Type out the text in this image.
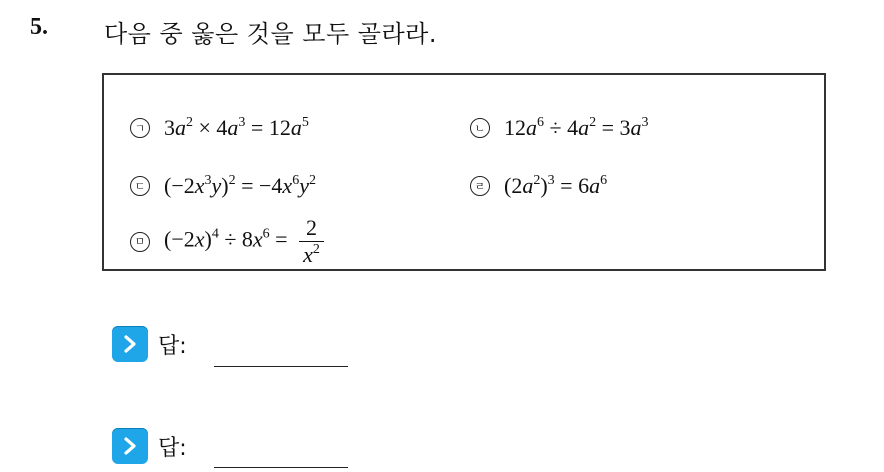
5. 다음 중 옳은 것을 모두 골라라.
ㄱ $3a^2 \times 4a^3 = 12a^5$	ㄴ $12a^6 \div 4a^2 = 3a^3$
ㄷ $(-2x^3y)^2 = -4x^6y^2$	ㄹ $(2a^2)^3 = 6a^6$
ㅁ $(-2x)^4 \div 8x^6 = \frac{2}{x^2}$
답:
답:
